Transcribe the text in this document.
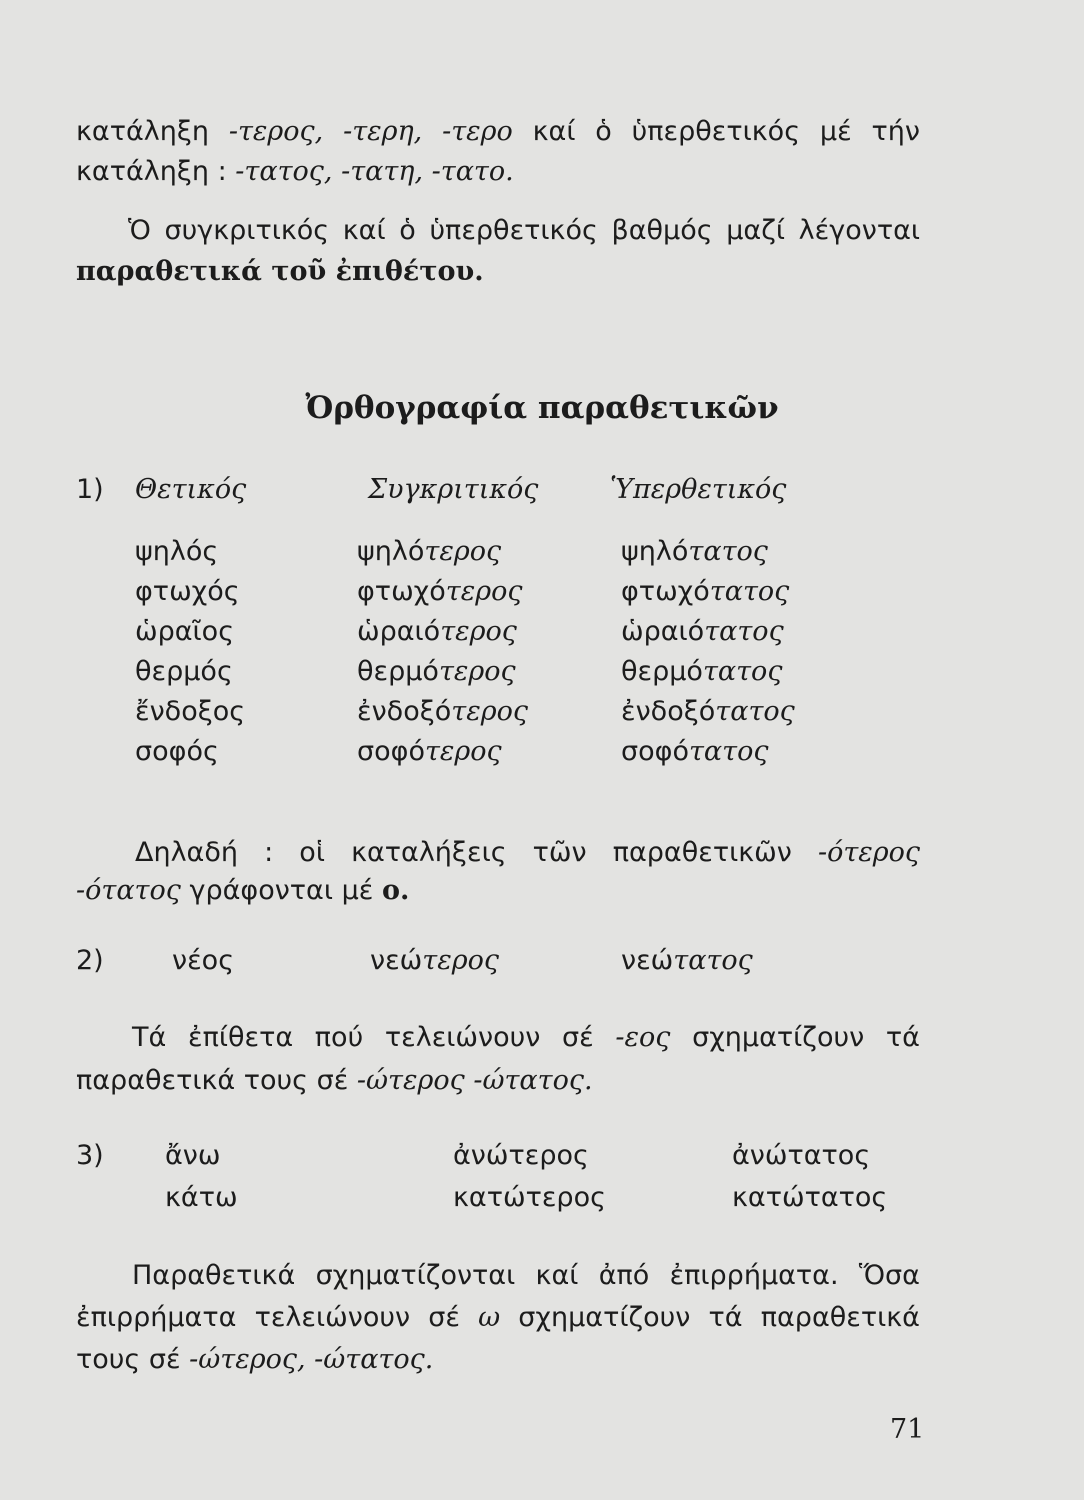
κατάληξη -τερος, -τερη, -τερο καί ὁ ὑπερθετικός μέ τήν
κατάληξη : -τατος, -τατη, -τατο.
Ὁ συγκριτικός καί ὁ ὑπερθετικός βαθμός μαζί λέγονται
παραθετικά τοῦ ἐπιθέτου.
Ὀρθογραφία παραθετικῶν
1) Θετικός	Συγκριτικός	Ὑπερθετικός
ψηλός	ψηλότερος	ψηλότατος
φτωχός	φτωχότερος	φτωχότατος
ὡραῖος	ὡραιότερος	ὡραιότατος
θερμός	θερμότερος	θερμότατος
ἔνδοξος	ἐνδοξότερος	ἐνδοξότατος
σοφός	σοφότερος	σοφότατος
Δηλαδή : οἱ καταλήξεις τῶν παραθετικῶν -ότερος
-ότατος γράφονται μέ ο.
2)	νέος	νεώτερος	νεώτατος
Τά ἐπίθετα πού τελειώνουν σέ -εος σχηματίζουν τά
παραθετικά τους σέ -ώτερος -ώτατος.
3) ἄνω	ἀνώτερος	ἀνώτατος
κάτω	κατώτερος	κατώτατος
Παραθετικά σχηματίζονται καί ἀπό ἐπιρρήματα. Ὅσα
ἐπιρρήματα τελειώνουν σέ ω σχηματίζουν τά παραθετικά
τους σέ -ώτερος, -ώτατος.
71
